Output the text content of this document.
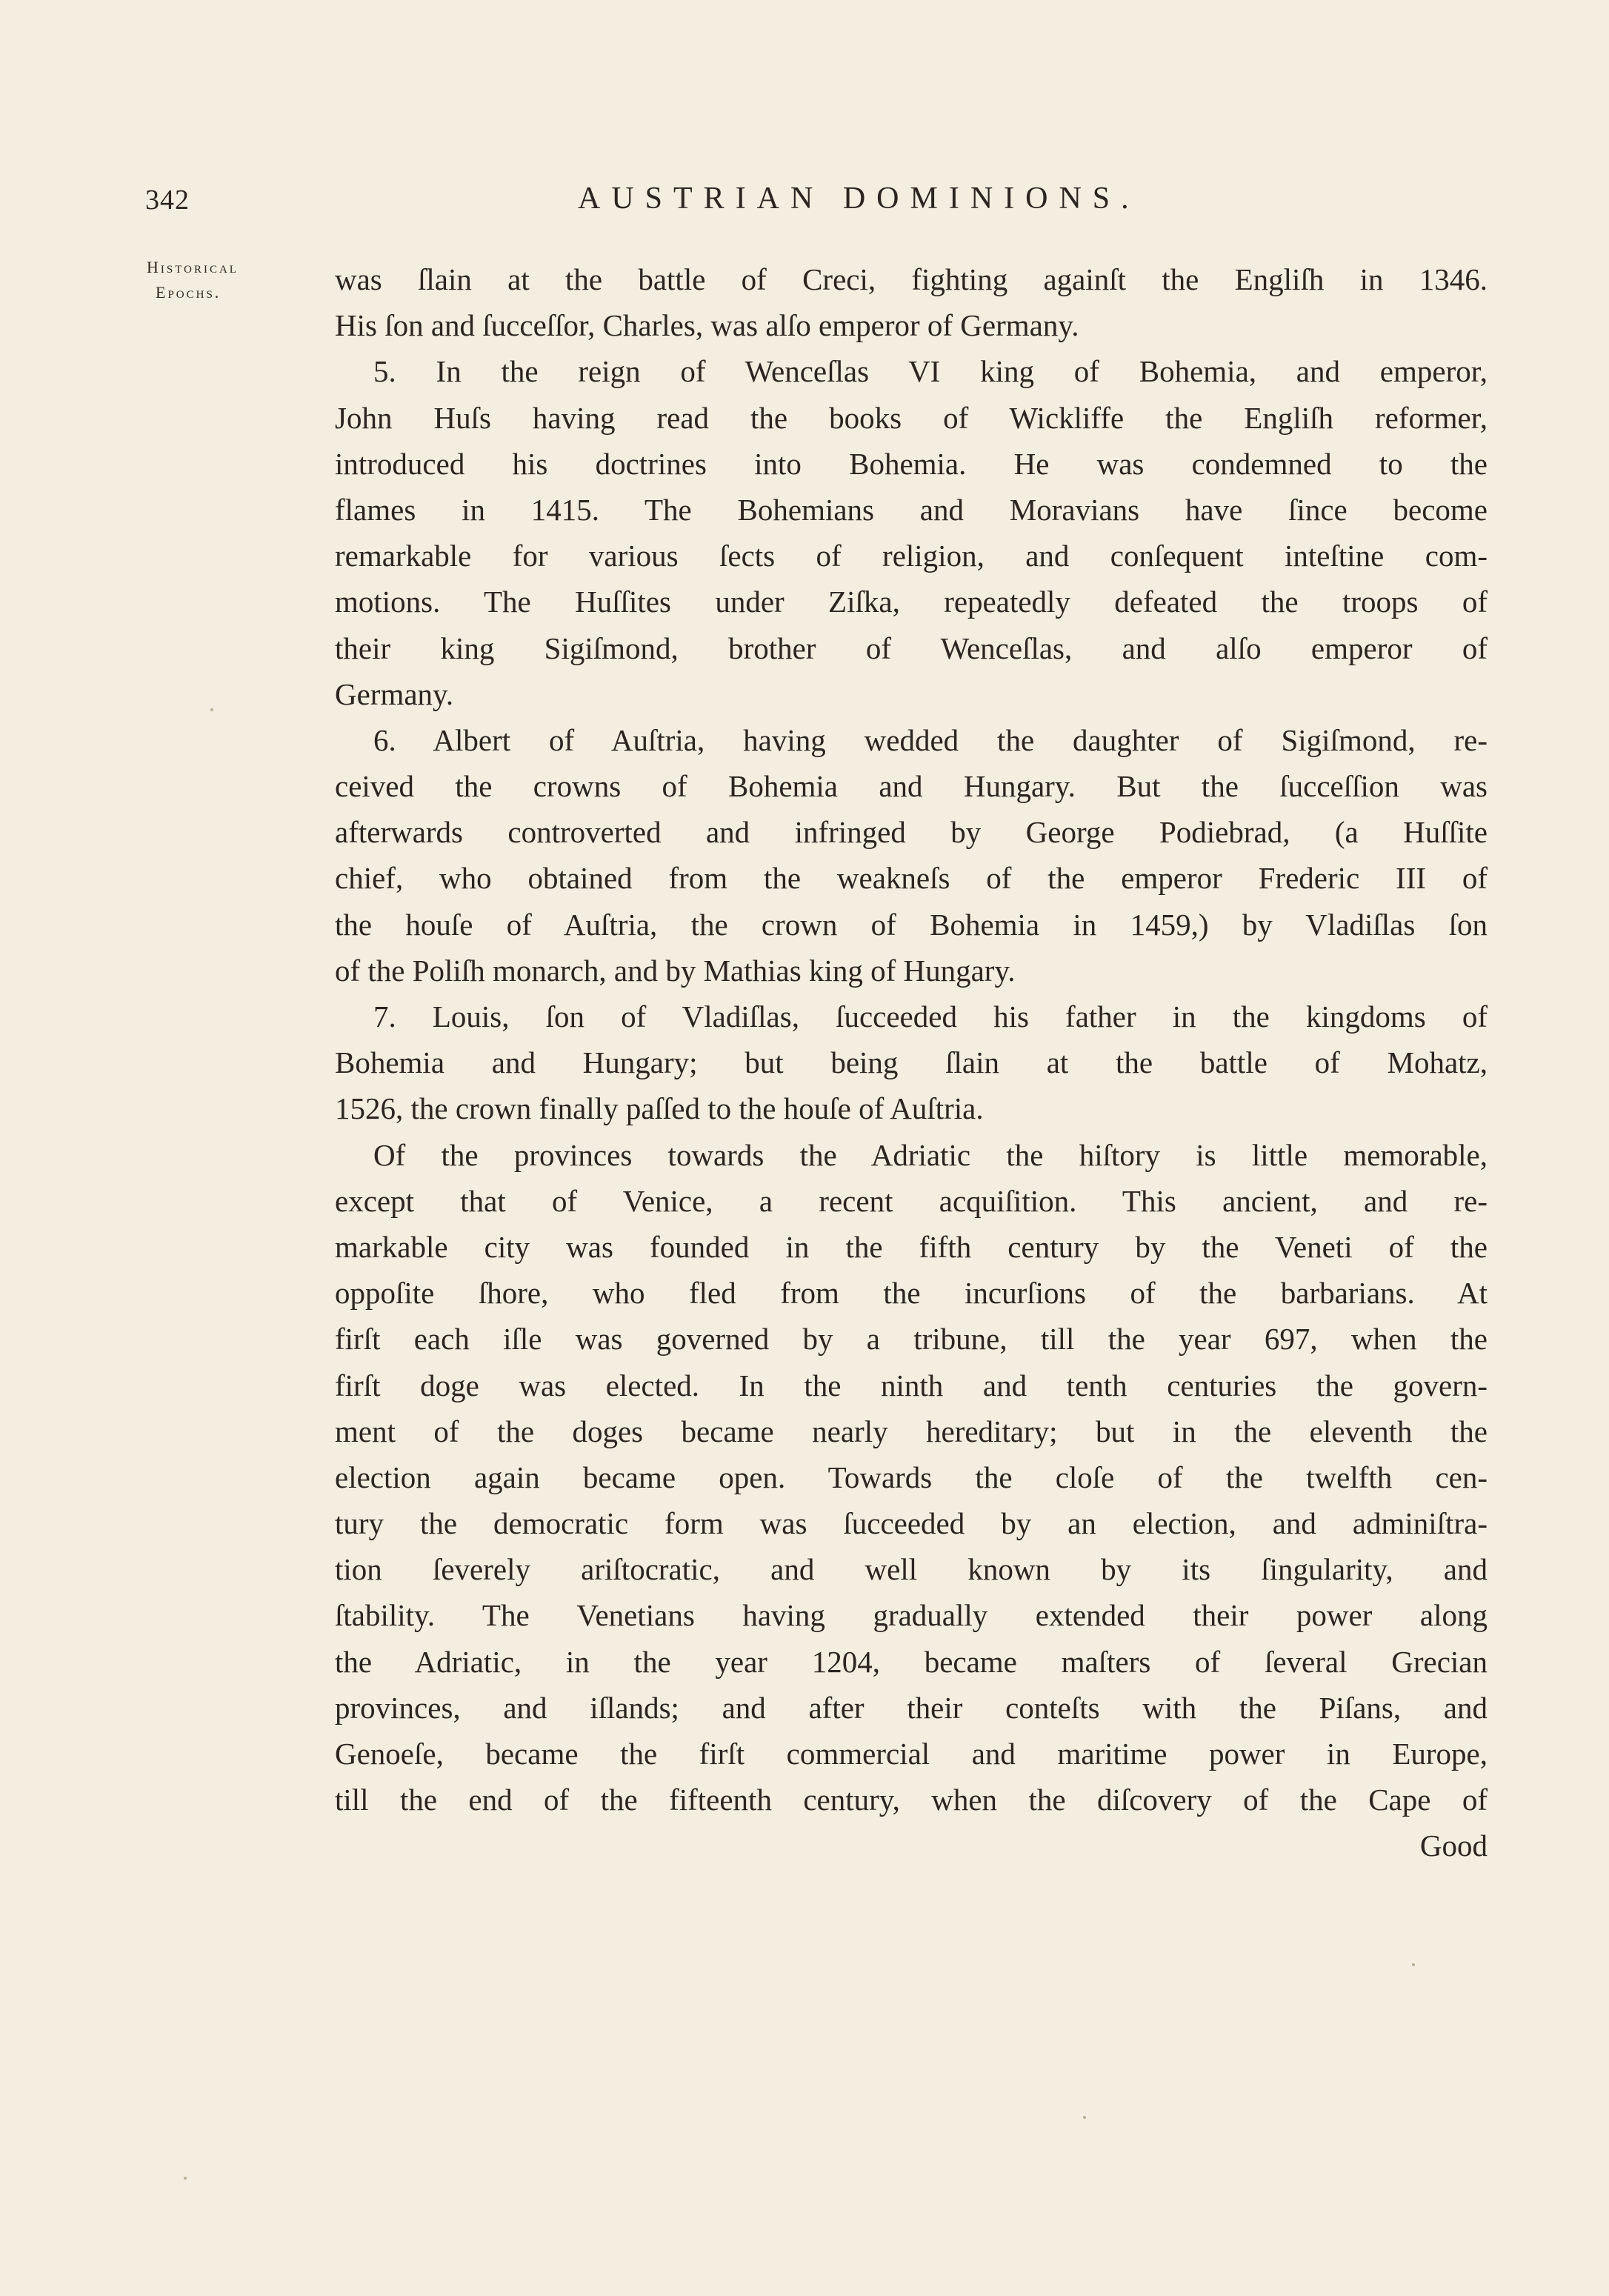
342	AUSTRIAN DOMINIONS.
Historical
Epochs.	was ſlain at the battle of Creci, fighting againſt the Engliſh in 1346.
His ſon and ſucceſſor, Charles, was alſo emperor of Germany.
5. In the reign of Wenceſlas VI king of Bohemia, and emperor,
John Huſs having read the books of Wickliffe the Engliſh reformer,
introduced his doctrines into Bohemia. He was condemned to the
flames in 1415. The Bohemians and Moravians have ſince become
remarkable for various ſects of religion, and conſequent inteſtine com-
motions. The Huſſites under Ziſka, repeatedly defeated the troops of
their king Sigiſmond, brother of Wenceſlas, and alſo emperor of
Germany.
6. Albert of Auſtria, having wedded the daughter of Sigiſmond, re-
ceived the crowns of Bohemia and Hungary. But the ſucceſſion was
afterwards controverted and infringed by George Podiebrad, (a Huſſite
chief, who obtained from the weakneſs of the emperor Frederic III of
the houſe of Auſtria, the crown of Bohemia in 1459,) by Vladiſlas ſon
of the Poliſh monarch, and by Mathias king of Hungary.
7. Louis, ſon of Vladiſlas, ſucceeded his father in the kingdoms of
Bohemia and Hungary; but being ſlain at the battle of Mohatz,
1526, the crown finally paſſed to the houſe of Auſtria.
Of the provinces towards the Adriatic the hiſtory is little memorable,
except that of Venice, a recent acquiſition. This ancient, and re-
markable city was founded in the fifth century by the Veneti of the
oppoſite ſhore, who fled from the incurſions of the barbarians. At
firſt each iſle was governed by a tribune, till the year 697, when the
firſt doge was elected. In the ninth and tenth centuries the govern-
ment of the doges became nearly hereditary; but in the eleventh the
election again became open. Towards the cloſe of the twelfth cen-
tury the democratic form was ſucceeded by an election, and adminiſtra-
tion ſeverely ariſtocratic, and well known by its ſingularity, and
ſtability. The Venetians having gradually extended their power along
the Adriatic, in the year 1204, became maſters of ſeveral Grecian
provinces, and iſlands; and after their conteſts with the Piſans, and
Genoeſe, became the firſt commercial and maritime power in Europe,
till the end of the fifteenth century, when the diſcovery of the Cape of
Good
